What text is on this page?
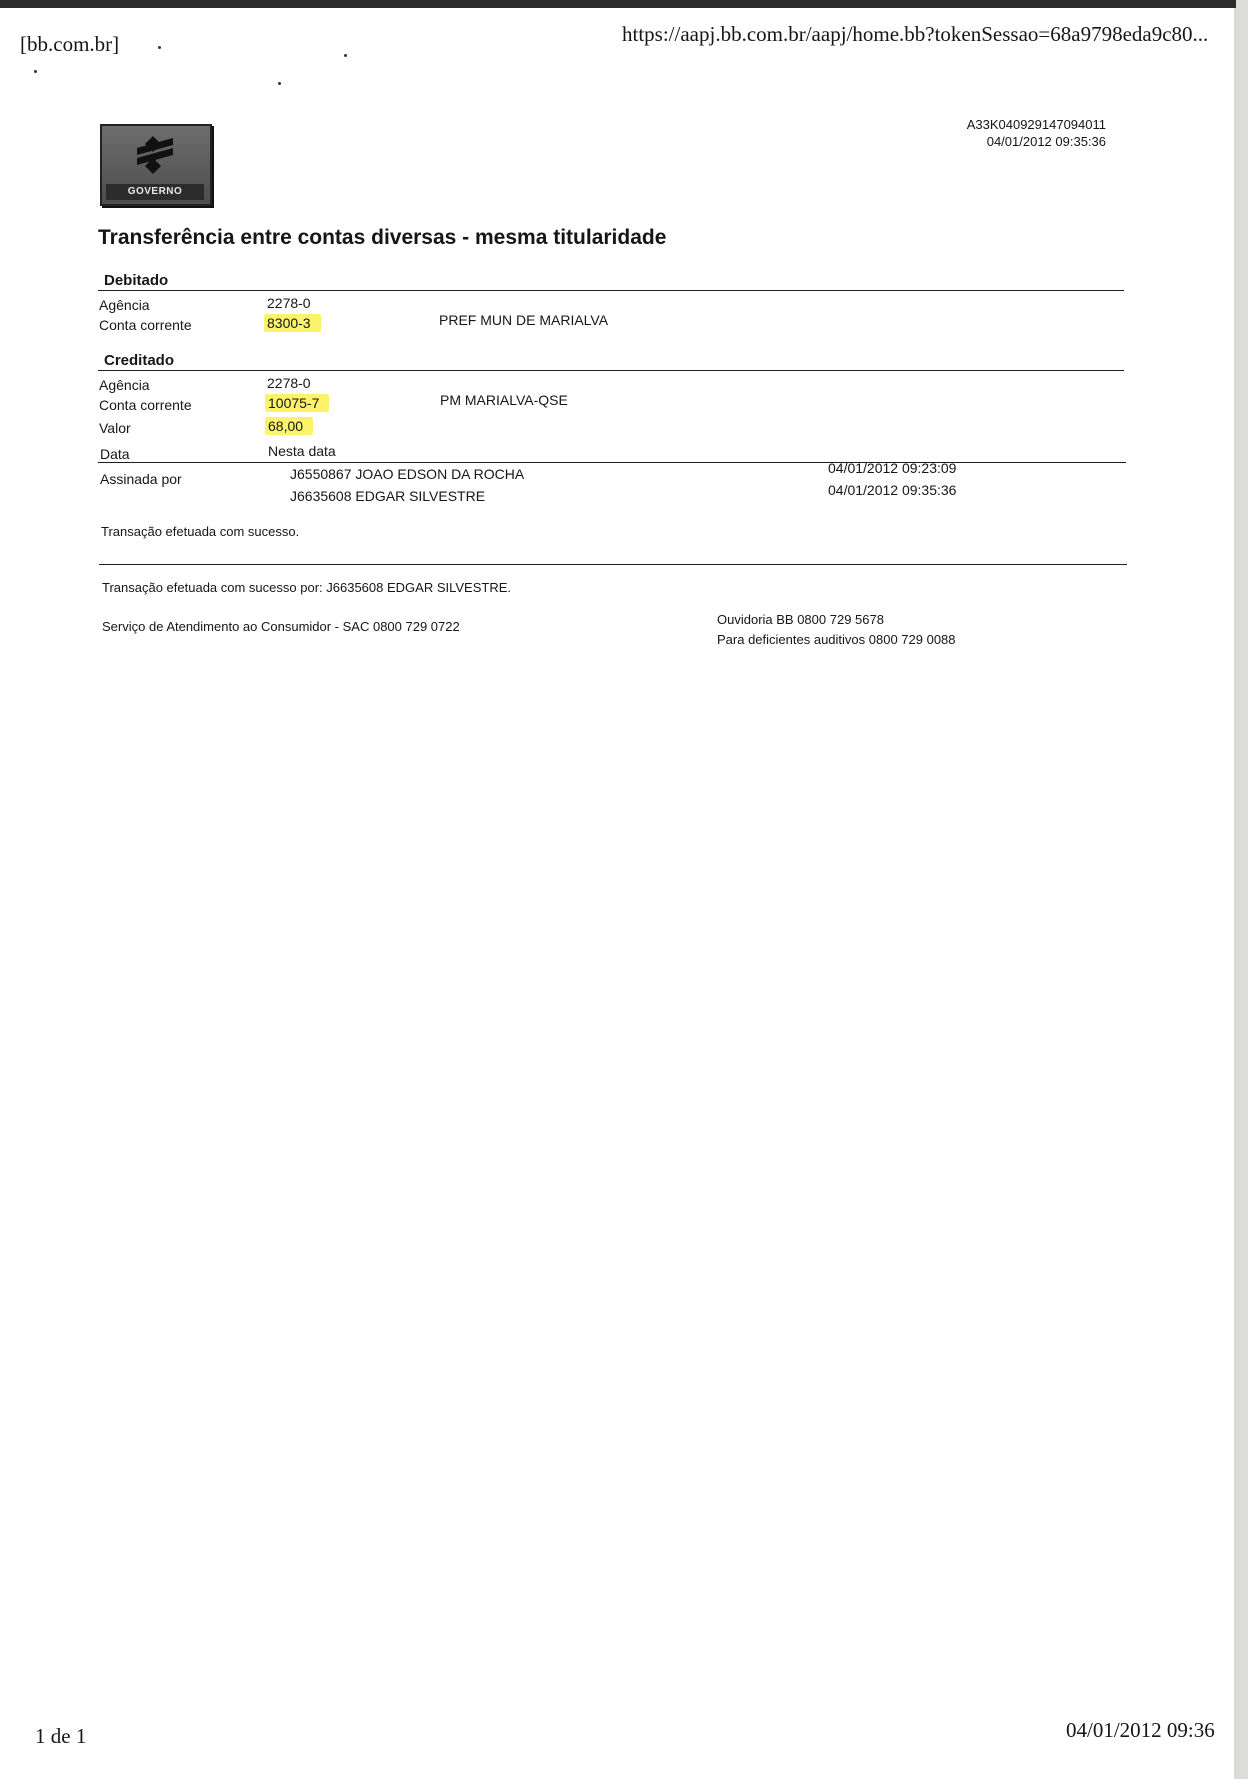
[bb.com.br]	https://aapj.bb.com.br/aapj/home.bb?tokenSessao=68a9798eda9c80...
GOVERNO
A33K040929147094011
04/01/2012 09:35:36
Transferência entre contas diversas - mesma titularidade
Debitado
Agência	2278-0
Conta corrente	8300-3	PREF MUN DE MARIALVA
Creditado
Agência	2278-0
Conta corrente	10075-7	PM MARIALVA-QSE
Valor	68,00
Data	Nesta data
Assinada por	J6550867 JOAO EDSON DA ROCHA	04/01/2012 09:23:09
J6635608 EDGAR SILVESTRE	04/01/2012 09:35:36
Transação efetuada com sucesso.
Transação efetuada com sucesso por: J6635608 EDGAR SILVESTRE.
Serviço de Atendimento ao Consumidor - SAC 0800 729 0722	Ouvidoria BB 0800 729 5678
Para deficientes auditivos 0800 729 0088
1 de 1	04/01/2012 09:36
